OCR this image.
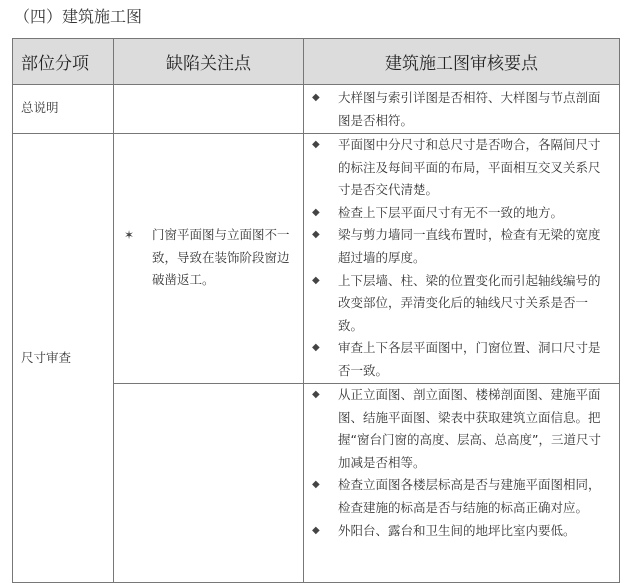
（四）建筑施工图
部位分项	缺陷关注点	建筑施工图审核要点
总说明
◆ 大样图与索引详图是否相符、大样图与节点剖面图是否相符。
尺寸审查
✶ 门窗平面图与立面图不一致，导致在装饰阶段窗边破凿返工。
◆ 平面图中分尺寸和总尺寸是否吻合，各隔间尺寸的标注及每间平面的布局，平面相互交叉关系尺寸是否交代清楚。
◆ 检查上下层平面尺寸有无不一致的地方。
◆ 梁与剪力墙同一直线布置时，检查有无梁的宽度超过墙的厚度。
◆ 上下层墙、柱、梁的位置变化而引起轴线编号的改变部位，弄清变化后的轴线尺寸关系是否一致。
◆ 审查上下各层平面图中，门窗位置、洞口尺寸是否一致。
◆ 从正立面图、剖立面图、楼梯剖面图、建施平面图、结施平面图、梁表中获取建筑立面信息。把握“窗台门窗的高度、层高、总高度”，三道尺寸加减是否相等。
◆ 检查立面图各楼层标高是否与建施平面图相同，检查建施的标高是否与结施的标高正确对应。
◆ 外阳台、露台和卫生间的地坪比室内要低。
